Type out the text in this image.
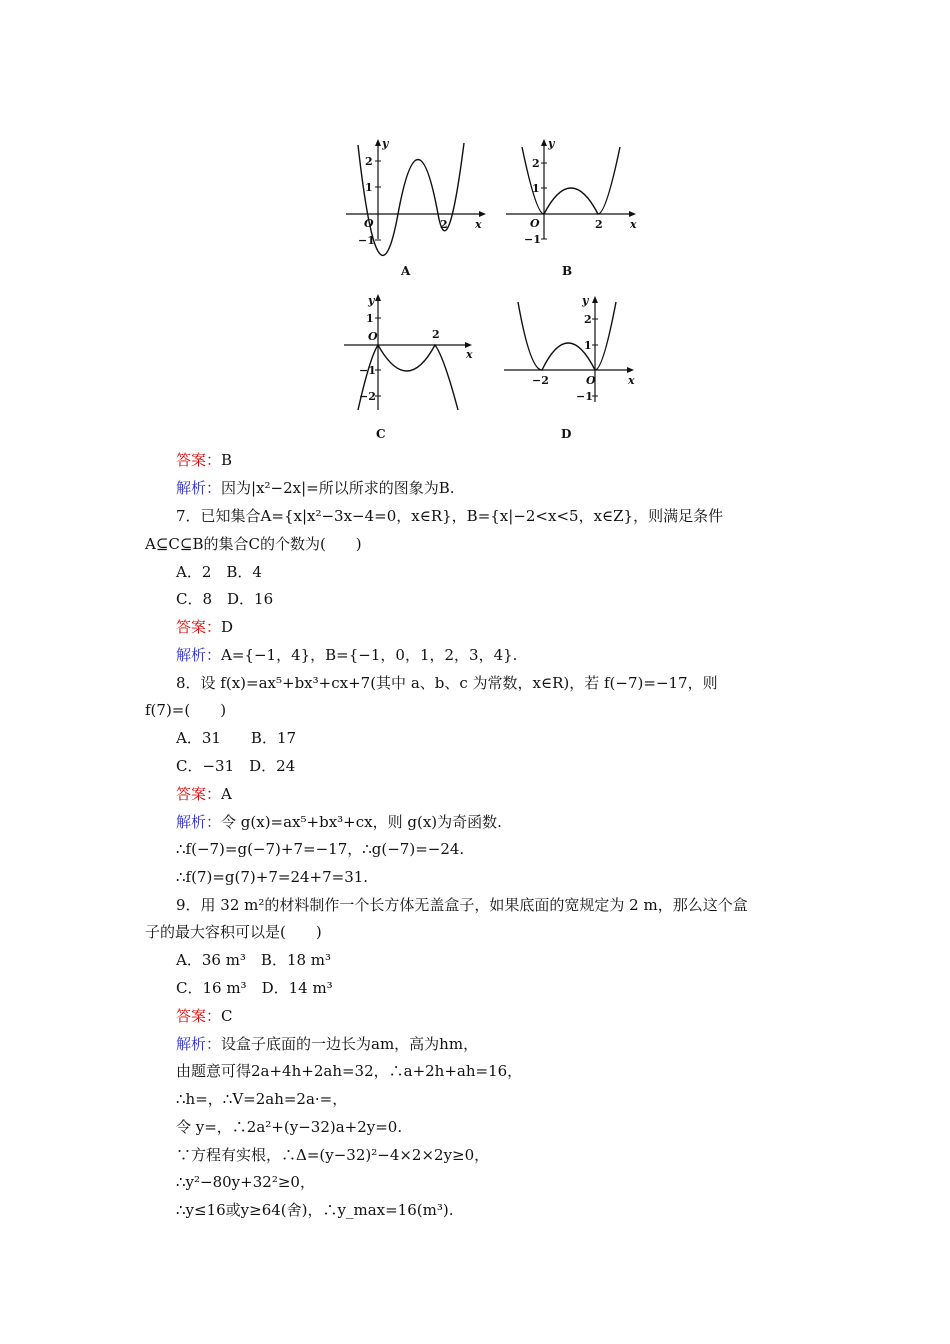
y
x
O
2
1
−1
2
A
y
x
O
2
1
−1
2
B
y
x
O
1
−1
−2
2
C
y
x
O
2
1
−1
−2
D
答案：B
解析：因为|x²−2x|=所以所求的图象为B.
7．已知集合A={x|x²−3x−4=0，x∈R}，B={x|−2<x<5，x∈Z}，则满足条件
A⊆C⊆B的集合C的个数为(　　)
A．2　B．4
C．8　D．16
答案：D
解析：A={−1，4}，B={−1，0，1，2，3，4}.
8．设 f(x)=ax⁵+bx³+cx+7(其中 a、b、c 为常数，x∈R)，若 f(−7)=−17，则
f(7)=(　　)
A．31　　B．17
C．−31　D．24
答案：A
解析：令 g(x)=ax⁵+bx³+cx，则 g(x)为奇函数.
∴f(−7)=g(−7)+7=−17，∴g(−7)=−24.
∴f(7)=g(7)+7=24+7=31.
9．用 32 m²的材料制作一个长方体无盖盒子，如果底面的宽规定为 2 m，那么这个盒
子的最大容积可以是(　　)
A．36 m³　B．18 m³
C．16 m³　D．14 m³
答案：C
解析：设盒子底面的一边长为am，高为hm，
由题意可得2a+4h+2ah=32，∴a+2h+ah=16，
∴h=，∴V=2ah=2a·=，
令 y=，∴2a²+(y−32)a+2y=0.
∵方程有实根，∴Δ=(y−32)²−4×2×2y≥0，
∴y²−80y+32²≥0，
∴y≤16或y≥64(舍)，∴y_max=16(m³).
